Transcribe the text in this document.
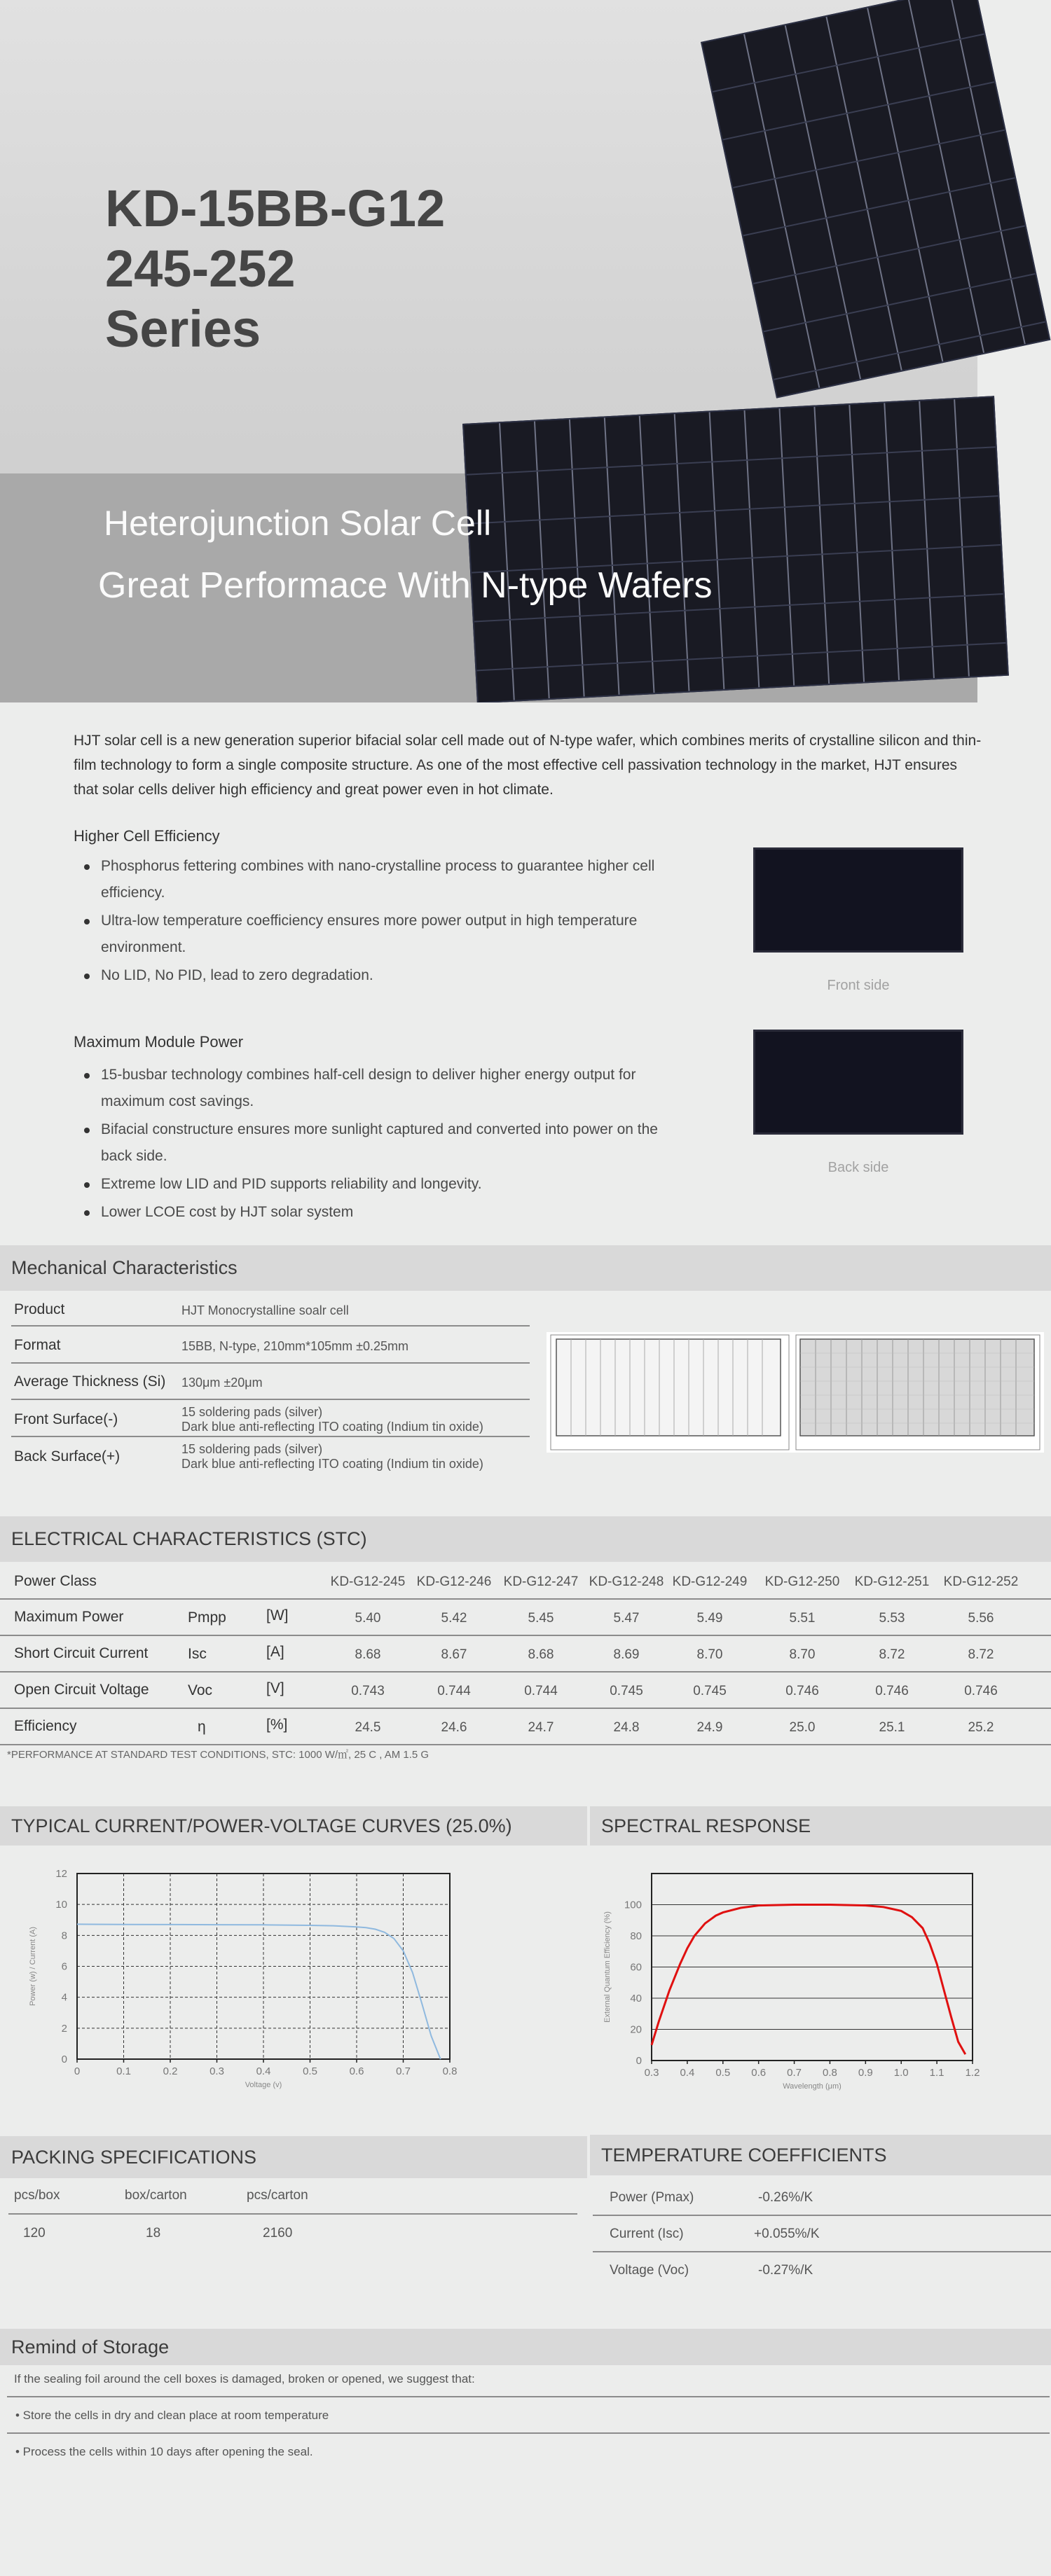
KD-15BB-G12
245-252
Series
Heterojunction Solar Cell
Great Performace With N-type Wafers
HJT solar cell is a new generation superior bifacial solar cell made out of N-type wafer, which combines merits of crystalline silicon and thin-film technology to form a single composite structure. As one of the most effective cell passivation technology in the market, HJT ensures that solar cells deliver high efficiency and great power even in hot climate.
Higher Cell Efficiency
Phosphorus fettering combines with nano-crystalline process to guarantee higher cell efficiency.
Ultra-low temperature coefficiency ensures more power output in high temperature environment.
No LID, No PID, lead to zero degradation.
Front side
Maximum Module Power
15-busbar technology combines half-cell design to deliver higher energy output for maximum cost savings.
Bifacial constructure ensures more sunlight captured and converted into power on the back side.
Extreme low LID and PID supports reliability and longevity.
Lower LCOE cost by HJT solar system
Back side
Mechanical Characteristics
Product	HJT Monocrystalline soalr cell
Format	15BB, N-type, 210mm*105mm ±0.25mm
Average Thickness (Si) 130μm ±20μm
Front Surface(-)	15 soldering pads (silver)
Dark blue anti-reflecting ITO coating (Indium tin oxide)
Back Surface(+)	15 soldering pads (silver)
Dark blue anti-reflecting ITO coating (Indium tin oxide)
ELECTRICAL CHARACTERISTICS (STC)
Power Class	KD-G12-245 KD-G12-246 KD-G12-247 KD-G12-248 KD-G12-249	KD-G12-250	KD-G12-251	KD-G12-252
Maximum Power	Pmpp	[W]	5.40	5.42	5.45	5.47	5.49	5.51	5.53	5.56
Short Circuit Current	Isc	[A]	8.68	8.67	8.68	8.69	8.70	8.70	8.72	8.72
Open Circuit Voltage	Voc	[V]	0.743	0.744	0.744	0.745	0.745	0.746	0.746	0.746
Efficiency	η	[%]	24.5	24.6	24.7	24.8	24.9	25.0	25.1	25.2
*PERFORMANCE AT STANDARD TEST CONDITIONS, STC: 1000 W/㎡, 25 C , AM 1.5 G
TYPICAL CURRENT/POWER-VOLTAGE CURVES (25.0%)	SPECTRAL RESPONSE
0	0.1	0.2	0.3	0.4	0.5	0.6	0.7	0.8
0
2
4
6
8
10
12
Voltage (v)
Power (w) / Current (A)
0.3 0.4 0.5 0.6 0.7 0.8 0.9 1.0 1.1 1.2
0
20
40
60
80
100
Wavelength (μm)
External Quantum Efficiency (%)
PACKING SPECIFICATIONS
pcs/box	box/carton	pcs/carton
120	18	2160
TEMPERATURE COEFFICIENTS
Power (Pmax)	-0.26%/K
Current (Isc)	+0.055%/K
Voltage (Voc)	-0.27%/K
Remind of Storage
If the sealing foil around the cell boxes is damaged, broken or opened, we suggest that:
• Store the cells in dry and clean place at room temperature
• Process the cells within 10 days after opening the seal.
